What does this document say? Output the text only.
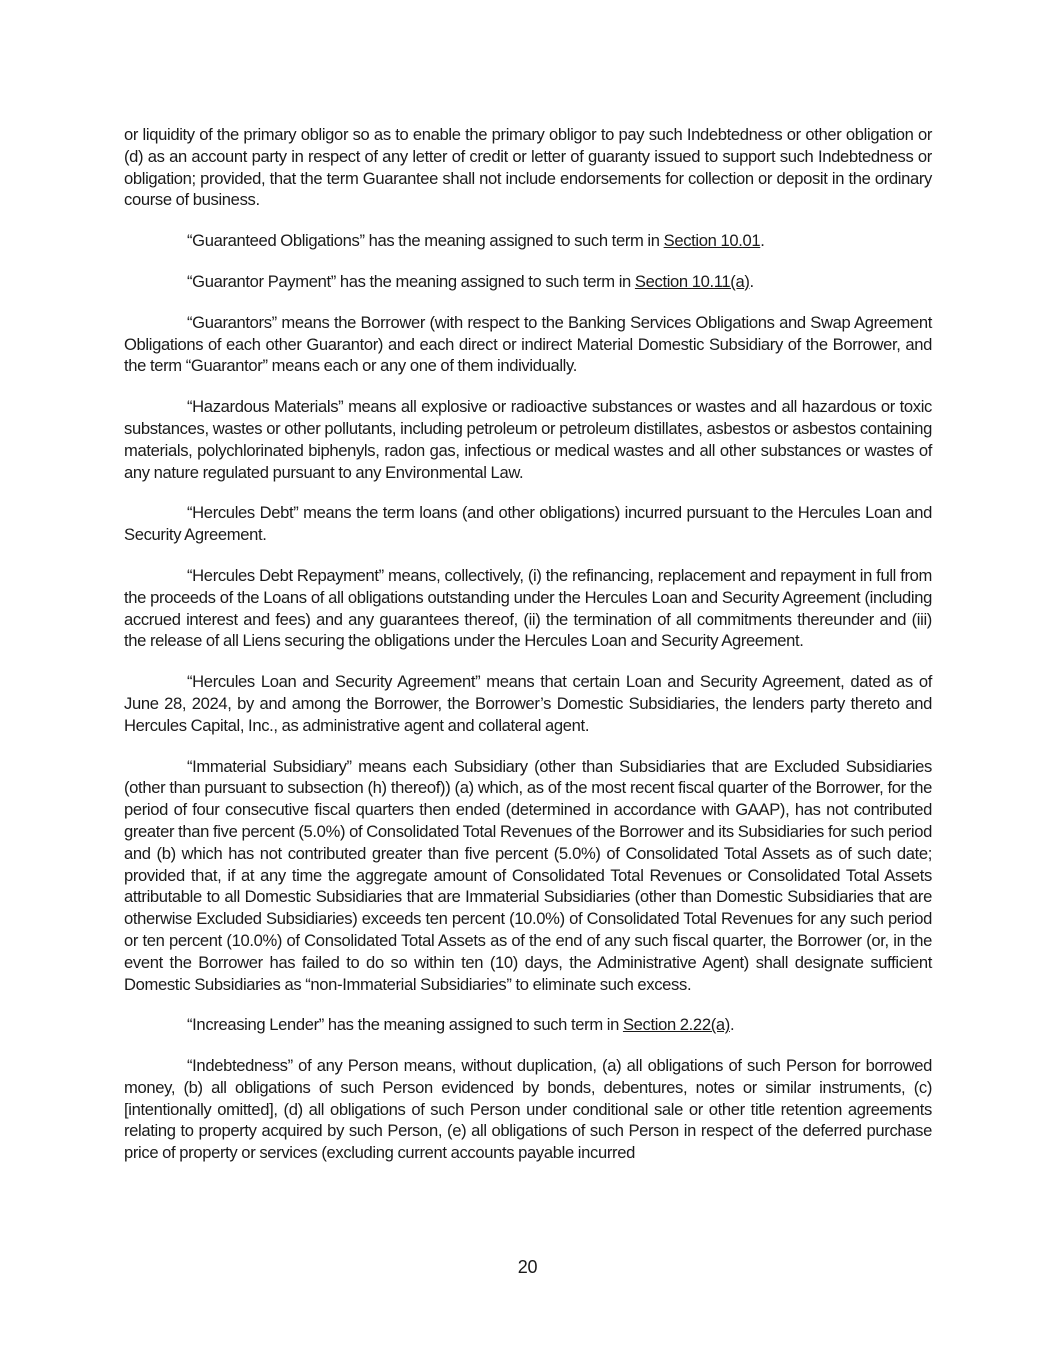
or liquidity of the primary obligor so as to enable the primary obligor to pay such Indebtedness or other obligation or (d) as an account party in respect of any letter of credit or letter of guaranty issued to support such Indebtedness or obligation; provided, that the term Guarantee shall not include endorsements for collection or deposit in the ordinary course of business.

“Guaranteed Obligations” has the meaning assigned to such term in Section 10.01.

“Guarantor Payment” has the meaning assigned to such term in Section 10.11(a).

“Guarantors” means the Borrower (with respect to the Banking Services Obligations and Swap Agreement Obligations of each other Guarantor) and each direct or indirect Material Domestic Subsidiary of the Borrower, and the term “Guarantor” means each or any one of them individually.

“Hazardous Materials” means all explosive or radioactive substances or wastes and all hazardous or toxic substances, wastes or other pollutants, including petroleum or petroleum distillates, asbestos or asbestos containing materials, polychlorinated biphenyls, radon gas, infectious or medical wastes and all other substances or wastes of any nature regulated pursuant to any Environmental Law.

“Hercules Debt” means the term loans (and other obligations) incurred pursuant to the Hercules Loan and Security Agreement.

“Hercules Debt Repayment” means, collectively, (i) the refinancing, replacement and repayment in full from the proceeds of the Loans of all obligations outstanding under the Hercules Loan and Security Agreement (including accrued interest and fees) and any guarantees thereof, (ii) the termination of all commitments thereunder and (iii) the release of all Liens securing the obligations under the Hercules Loan and Security Agreement.

“Hercules Loan and Security Agreement” means that certain Loan and Security Agreement, dated as of June 28, 2024, by and among the Borrower, the Borrower’s Domestic Subsidiaries, the lenders party thereto and Hercules Capital, Inc., as administrative agent and collateral agent.

“Immaterial Subsidiary” means each Subsidiary (other than Subsidiaries that are Excluded Subsidiaries (other than pursuant to subsection (h) thereof)) (a) which, as of the most recent fiscal quarter of the Borrower, for the period of four consecutive fiscal quarters then ended (determined in accordance with GAAP), has not contributed greater than five percent (5.0%) of Consolidated Total Revenues of the Borrower and its Subsidiaries for such period and (b) which has not contributed greater than five percent (5.0%) of Consolidated Total Assets as of such date; provided that, if at any time the aggregate amount of Consolidated Total Revenues or Consolidated Total Assets attributable to all Domestic Subsidiaries that are Immaterial Subsidiaries (other than Domestic Subsidiaries that are otherwise Excluded Subsidiaries) exceeds ten percent (10.0%) of Consolidated Total Revenues for any such period or ten percent (10.0%) of Consolidated Total Assets as of the end of any such fiscal quarter, the Borrower (or, in the event the Borrower has failed to do so within ten (10) days, the Administrative Agent) shall designate sufficient Domestic Subsidiaries as “non-Immaterial Subsidiaries” to eliminate such excess.

“Increasing Lender” has the meaning assigned to such term in Section 2.22(a).

“Indebtedness” of any Person means, without duplication, (a) all obligations of such Person for borrowed money, (b) all obligations of such Person evidenced by bonds, debentures, notes or similar instruments, (c) [intentionally omitted], (d) all obligations of such Person under conditional sale or other title retention agreements relating to property acquired by such Person, (e) all obligations of such Person in respect of the deferred purchase price of property or services (excluding current accounts payable incurred

20
